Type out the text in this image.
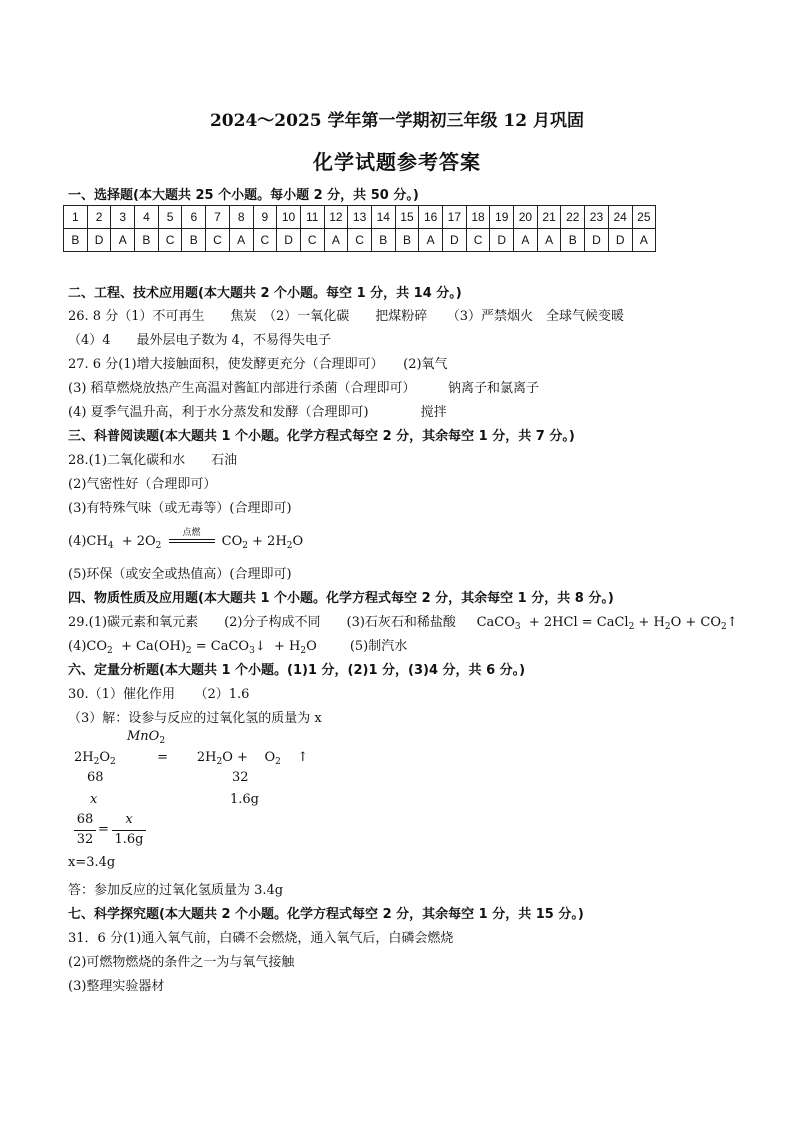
2024～2025 学年第一学期初三年级 12 月巩固
化学试题参考答案
一、选择题(本大题共 25 个小题。每小题 2 分，共 50 分。)
1	2	3	4	5	6	7	8	9	10	11	12	13	14	15	16	17	18	19	20	21	22	23	24	25
B	D	A	B	C	B	C	A	C	D	C	A	C	B	B	A	D	C	D	A	A	B	D	D	A
二、工程、技术应用题(本大题共 2 个小题。每空 1 分，共 14 分。)
26. 8 分（1）不可再生　　焦炭　（2）一氧化碳　　把煤粉碎　　（3）严禁烟火　全球气候变暖
（4）4　　最外层电子数为 4，不易得失电子
27. 6 分(1)增大接触面积，使发酵更充分（合理即可）　　(2)氧气
(3) 稻草燃烧放热产生高温对酱缸内部进行杀菌（合理即可）　　　钠离子和氯离子
(4) 夏季气温升高，利于水分蒸发和发酵（合理即可)　　　　搅拌
三、科普阅读题(本大题共 1 个小题。化学方程式每空 2 分，其余每空 1 分，共 7 分。)
28.(1)二氧化碳和水　　石油
(2)气密性好（合理即可）
(3)有特殊气味（或无毒等）(合理即可)
$(4)CH_4 + 2O_2$
点燃
$CO_2 + 2H_2O$
(5)环保（或安全或热值高）(合理即可)
四、物质性质及应用题(本大题共 1 个小题。化学方程式每空 2 分，其余每空 1 分，共 8 分。)
29.(1)碳元素和氧元素　　(2)分子构成不同　　(3)石灰石和稀盐酸     CaCO$_3$  + 2HCl = CaCl$_2$ + $H_2O$ + $CO_2↑$
$(4)CO_2 + Ca(OH)_2$ = CaCO$_3$↓  + $H_2O$        (5)制汽水
六、定量分析题(本大题共 1 个小题。(1)1 分，(2)1 分，(3)4 分，共 6 分。)
30.（1）催化作用　　（2）1.6
（3）解：设参与反应的过氧化氢的质量为 x
MnO$_2$
$2H_2O_2$          =       $2H_2O$ +    $O_2$    ↑
68	32
x	1.6g
68
32
=
x
1.6g
x=3.4g
答：参加反应的过氧化氢质量为 3.4g
七、科学探究题(本大题共 2 个小题。化学方程式每空 2 分，其余每空 1 分，共 15 分。)
31．6 分(1)通入氧气前，白磷不会燃烧，通入氧气后，白磷会燃烧
(2)可燃物燃烧的条件之一为与氧气接触
(3)整理实验器材
